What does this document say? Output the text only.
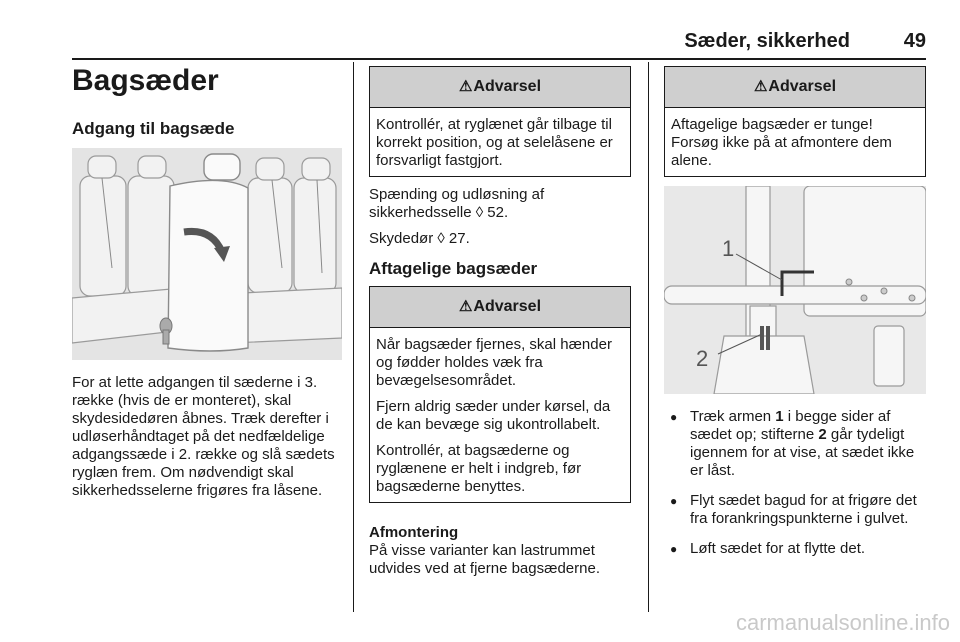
Sæder, sikkerhed	49
Bagsæder
Adgang til bagsæde

For at lette adgangen til sæderne i 3. række (hvis de er monteret), skal skydesidedøren åbnes. Træk derefter i udløserhåndtaget på det nedfældelige adgangssæde i 2. række og slå sædets ryglæn frem. Om nødvendigt skal sikkerhedsselerne frigøres fra låsene.

⚠ Advarsel

Kontrollér, at ryglænet går tilbage til korrekt position, og at selelåsene er forsvarligt fastgjort.

Spænding og udløsning af sikkerhedsselle ◊ 52.

Skydedør ◊ 27.

Aftagelige bagsæder
⚠ Advarsel

Når bagsæder fjernes, skal hænder og fødder holdes væk fra bevægelsesområdet.

Fjern aldrig sæder under kørsel, da de kan bevæge sig ukontrollabelt.

Kontrollér, at bagsæderne og ryglænene er helt i indgreb, før bagsæderne benyttes.

Afmontering

På visse varianter kan lastrummet udvides ved at fjerne bagsæderne.

⚠ Advarsel

Aftagelige bagsæder er tunge! Forsøg ikke på at afmontere dem alene.

1
2
● Træk armen 1 i begge sider af sædet op; stifterne 2 går tydeligt igennem for at vise, at sædet ikke er låst.
● Flyt sædet bagud for at frigøre det fra forankringspunkterne i gulvet.
● Løft sædet for at flytte det.
carmanualsonline.info
